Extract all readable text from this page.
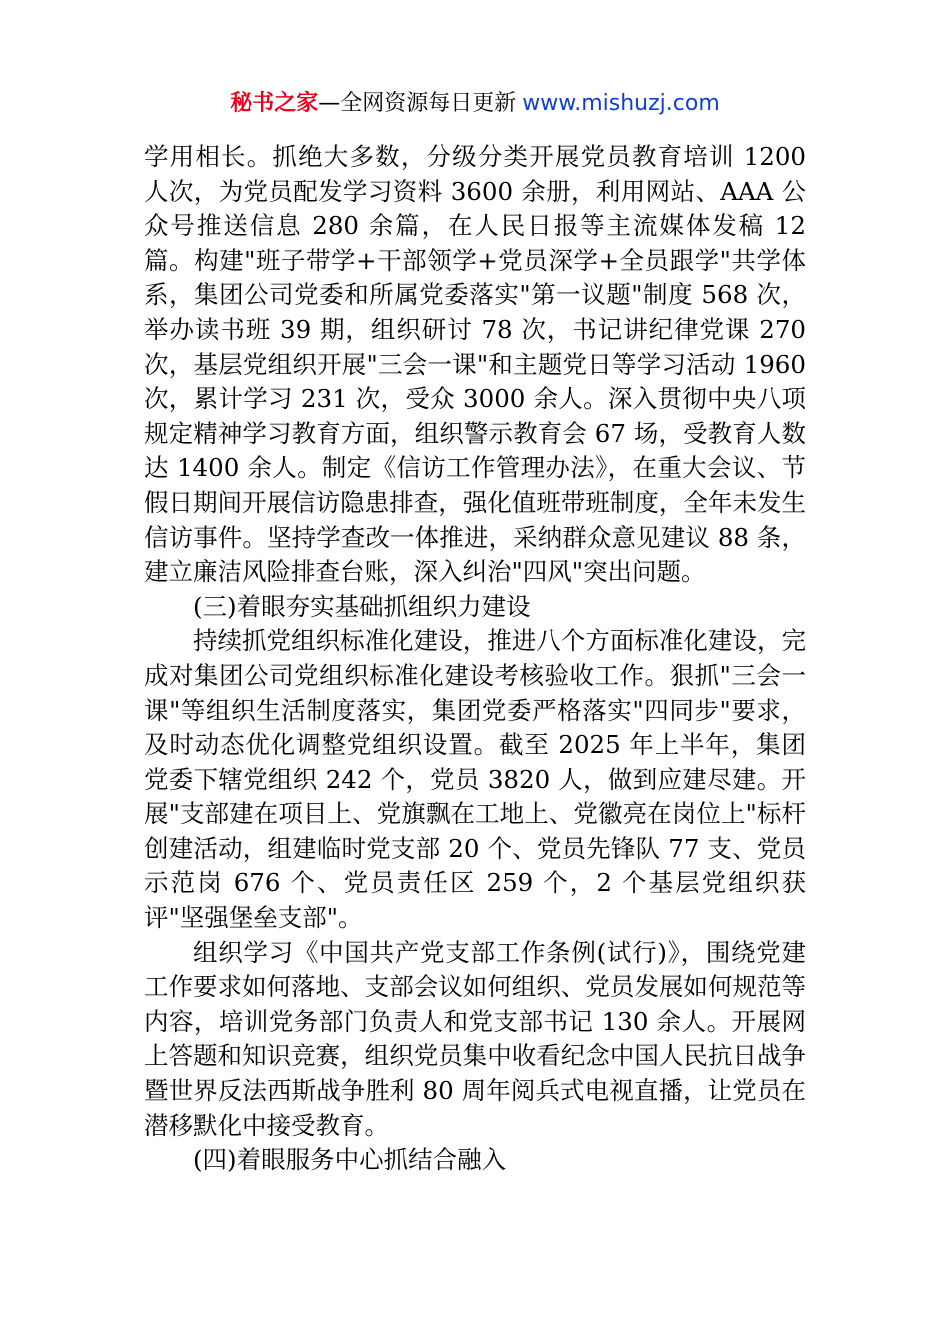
秘书之家—全网资源每日更新 www.mishuzj.com

学用相长。抓绝大多数，分级分类开展党员教育培训 1200 人次，为党员配发学习资料 3600 余册，利用网站、AAA 公众号推送信息 280 余篇，在人民日报等主流媒体发稿 12 篇。构建"班子带学+干部领学+党员深学+全员跟学"共学体系，集团公司党委和所属党委落实"第一议题"制度 568 次，举办读书班 39 期，组织研讨 78 次，书记讲纪律党课 270 次，基层党组织开展"三会一课"和主题党日等学习活动 1960 次，累计学习 231 次，受众 3000 余人。深入贯彻中央八项规定精神学习教育方面，组织警示教育会 67 场，受教育人数达 1400 余人。制定《信访工作管理办法》，在重大会议、节假日期间开展信访隐患排查，强化值班带班制度，全年未发生信访事件。坚持学查改一体推进，采纳群众意见建议 88 条，建立廉洁风险排查台账，深入纠治"四风"突出问题。

(三)着眼夯实基础抓组织力建设

持续抓党组织标准化建设，推进八个方面标准化建设，完成对集团公司党组织标准化建设考核验收工作。狠抓"三会一课"等组织生活制度落实，集团党委严格落实"四同步"要求，及时动态优化调整党组织设置。截至 2025 年上半年，集团党委下辖党组织 242 个，党员 3820 人，做到应建尽建。开展"支部建在项目上、党旗飘在工地上、党徽亮在岗位上"标杆创建活动，组建临时党支部 20 个、党员先锋队 77 支、党员示范岗 676 个、党员责任区 259 个，2 个基层党组织获评"坚强堡垒支部"。

组织学习《中国共产党支部工作条例(试行)》，围绕党建工作要求如何落地、支部会议如何组织、党员发展如何规范等内容，培训党务部门负责人和党支部书记 130 余人。开展网上答题和知识竞赛，组织党员集中收看纪念中国人民抗日战争暨世界反法西斯战争胜利 80 周年阅兵式电视直播，让党员在潜移默化中接受教育。

(四)着眼服务中心抓结合融入
